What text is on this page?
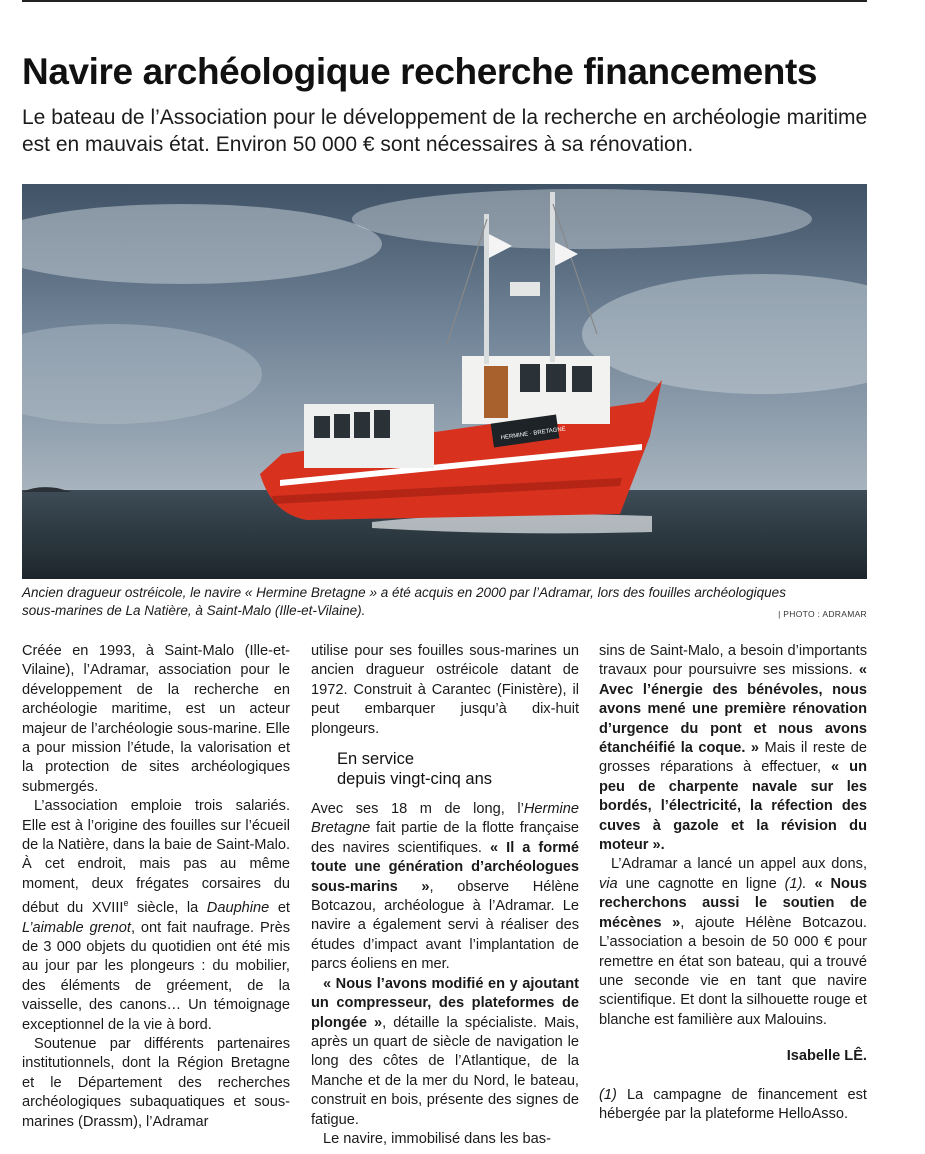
Navire archéologique recherche financements

Le bateau de l’Association pour le développement de la recherche en archéologie maritime est en mauvais état. Environ 50 000 € sont nécessaires à sa rénovation.

HERMINE · BRETAGNE

Ancien dragueur ostréicole, le navire « Hermine Bretagne » a été acquis en 2000 par l’Adramar, lors des fouilles archéologiques sous-marines de La Natière, à Saint-Malo (Ille-et-Vilaine).	| PHOTO : ADRAMAR

Créée en 1993, à Saint-Malo (Ille-et-Vilaine), l’Adramar, association pour le développement de la recherche en archéologie maritime, est un acteur majeur de l’archéologie sous-marine. Elle a pour mission l’étude, la valorisation et la protection de sites archéologiques submergés.

L’association emploie trois salariés. Elle est à l’origine des fouilles sur l’écueil de la Natière, dans la baie de Saint-Malo. À cet endroit, mais pas au même moment, deux frégates corsaires du début du XVIIIe siècle, la Dauphine et L’aimable grenot, ont fait naufrage. Près de 3 000 objets du quotidien ont été mis au jour par les plongeurs : du mobilier, des éléments de gréement, de la vaisselle, des canons… Un témoignage exceptionnel de la vie à bord.

Soutenue par différents partenaires institutionnels, dont la Région Bretagne et le Département des recherches archéologiques subaquatiques et sous-marines (Drassm), l’Adramar

utilise pour ses fouilles sous-marines un ancien dragueur ostréicole datant de 1972. Construit à Carantec (Finistère), il peut embarquer jusqu’à dix-huit plongeurs.

En service
depuis vingt-cinq ans

Avec ses 18 m de long, l’Hermine Bretagne fait partie de la flotte française des navires scientifiques. « Il a formé toute une génération d’archéologues sous-marins », observe Hélène Botcazou, archéologue à l’Adramar. Le navire a également servi à réaliser des études d’impact avant l’implantation de parcs éoliens en mer.

« Nous l’avons modifié en y ajoutant un compresseur, des plateformes de plongée », détaille la spécialiste. Mais, après un quart de siècle de navigation le long des côtes de l’Atlantique, de la Manche et de la mer du Nord, le bateau, construit en bois, présente des signes de fatigue.

Le navire, immobilisé dans les bas-

sins de Saint-Malo, a besoin d’importants travaux pour poursuivre ses missions. « Avec l’énergie des bénévoles, nous avons mené une première rénovation d’urgence du pont et nous avons étanchéifié la coque. » Mais il reste de grosses réparations à effectuer, « un peu de charpente navale sur les bordés, l’électricité, la réfection des cuves à gazole et la révision du moteur ».

L’Adramar a lancé un appel aux dons, via une cagnotte en ligne (1). « Nous recherchons aussi le soutien de mécènes », ajoute Hélène Botcazou. L’association a besoin de 50 000 € pour remettre en état son bateau, qui a trouvé une seconde vie en tant que navire scientifique. Et dont la silhouette rouge et blanche est familière aux Malouins.

Isabelle LÊ.

(1) La campagne de financement est hébergée par la plateforme HelloAsso.
